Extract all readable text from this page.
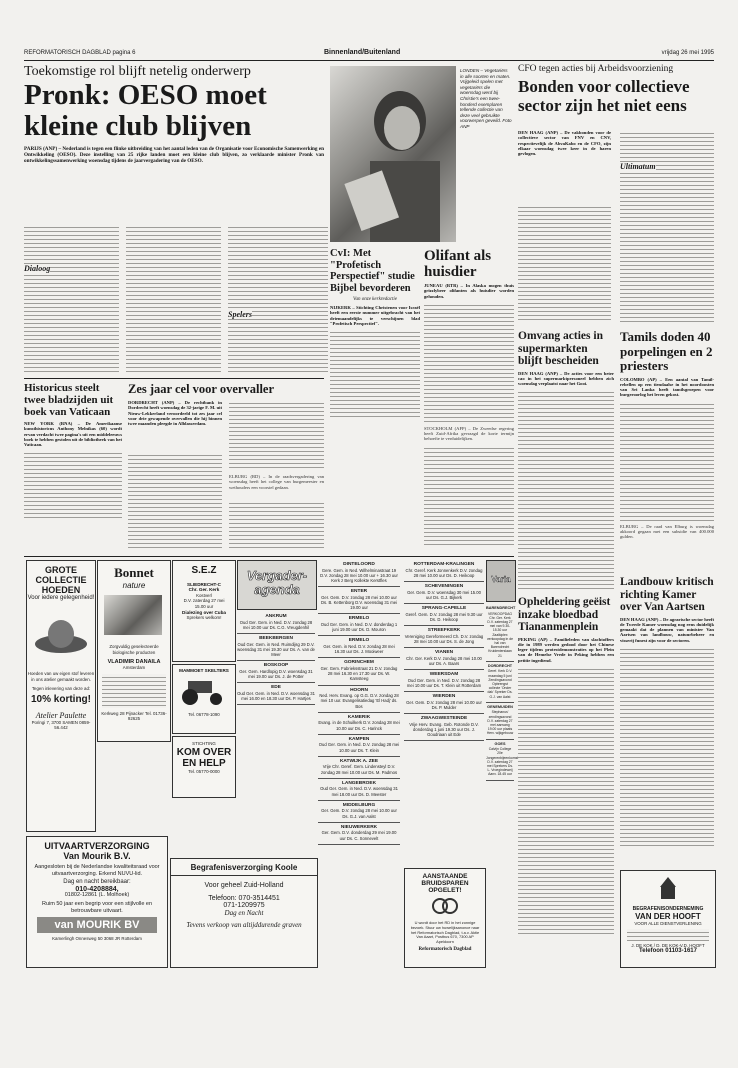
REFORMATORISCH DAGBLAD pagina 6	Binnenland/Buitenland	vrijdag 26 mei 1995
Toekomstige rol blijft netelig onderwerp
Pronk: OESO moet kleine club blijven
PARIJS (ANP) – Nederland is tegen een flinke uitbreiding van het aantal leden van de Organisatie voor Economische Samenwerking en Ontwikkeling (OESO). Deze instelling van 25 rijke landen moet een kleine club blijven, zo verklaarde minister Pronk van ontwikkelingssamenwerking woensdag tijdens de jaarvergadering van de OESO.
Dialoog
Spelers
LONDEN – Vegetariërs in alle soorten en maten. Vrijgeleid spelen met vegetariërs die woensdag werd bij Christie's een twee-honderd exemplaren tellende collectie van deze veel gebruikte voorwerpen geveild. Foto ANP
CFO tegen acties bij Arbeidsvoorziening
Bonden voor collectieve sector zijn het niet eens
DEN HAAG (ANP) – De vakbonden voor de collectieve sector van FNV en CNV, respectievelijk de AbvaKabo en de CFO, zijn elkaar woensdag twee keer in de haren gevlogen.
Ultimatum
CvI: Met "Profetisch Perspectief" studie Bijbel bevorderen
Van onze kerkredactie
NIJKERK – Stichting Christenen voor Israël heeft een eerste nummer uitgebracht van het driemaandelijks te verschijnen blad "Profetisch Perspectief".
Olifant als huisdier
JUNEAU (RTR) – In Alaska mogen thuis grizzlybeer olifanten als huisdier worden gehouden.
STOCKHOLM (AFP) – De Zweedse regering heeft Zuid-Afrika gevraagd de korte termijn behoefte te verduidelijken.
Historicus steelt twee bladzijden uit boek van Vaticaan
NEW YORK (RNA) – De Amerikaanse kunsthistoricus Anthony Melnikas (60) wordt ervan verdacht twee pagina's uit een middeleeuws boek te hebben gestolen uit de bibliotheek van het Vaticaan.
Zes jaar cel voor overvaller
DORDRECHT (ANP) – De rechtbank in Dordrecht heeft woensdag de 32-jarige F. M. uit Nieuw-Lekkerland veroordeeld tot zes jaar cel voor drie gewapende overvallen die hij binnen twee maanden pleegde in Alblasserdam.
ELBURG (RD) – In de raadsvergadering van woensdag heeft het college van burgemeester en wethouders een voorstel gedaan.
Omvang acties in supermarkten blijft bescheiden
DEN HAAG (ANP) – De acties voor een beter cao in het supermarktpersoneel hebben zich woensdag verplaatst naar het Gooi.
Tamils doden 40 porpelingen en 2 priesters
COLOMBO (AP) – Een aantal van Tamil-rebellen op een tiendaalse in het noordoosten van Sri Lanka heeft tamilsgroepen voor burgeroorlog het leven gekost.
ELBURG – De raad van Elburg is woensdag akkoord gegaan met een subsidie van 400.000 gulden.
Opheldering geëist inzake bloedbad Tiananmenplein
PEKING (AP) – Familieleden van slachtoffers die in 1989 werden gedood door het Chinese leger tijdens protestdemonstraties op het Plein van de Hemelse Vrede in Peking hebben een petitie ingediend.
Landbouw kritisch richting Kamer over Van Aartsen
DEN HAAG (ANP) – De agrarische sector heeft de Tweede Kamer woensdag nog eens duidelijk gemaakt dat de plannen van minister Van Aartsen van landbouw, natuurbeheer en visserij funest zijn voor de sectoren.
GROTE
COLLECTIE
HOEDEN
Voor iedere gelegenheid!
Hoeden van uw eigen stof leveren in ons atelier gemaakt worden.
Tegen inlevering van deze ad:
10% korting!
Atelier Paulette
Poringi 7, 3700 SAMEN 0859-56.442
Bonnet
nature
Zorgvuldig geselecteerde biologische producten
VLADIMIR DANAILA
Amsterdam
Kerkweg 28 Pijnacker Tel. 01736-92625
S.E.Z
SLIEDRECHT-C
Chr. Ger. Kerk
Kostverl
D.V. zaterdag 27 mei
15.00 uur
Dialezing over Cuba
Sprekers welkom!
Vergader-agenda
ANKRUM
Oud Ger. Gem. in Ned. D.V. zondag 28 mei 10.00 uur Ds. C.G. Vreugdenhil
BEEKBERGEN
Oud Ger. Gem. in Ned. Ruimdijsg 29 D.V. woensdag 31 mei 19.30 uur Ds. A. van de Meer
BOSKOOP
Ger. Gem. Hardlopig D.V. woensdag 31 mei 19.00 uur Ds. J. de Potter
EDE
Oud Ger. Gem. in Ned. D.V. woensdag 31 mei 16.00 en 18.30 uur Ds. P. Hartjes
DINTELOORD
Gere. Gem. in Ned. Wilhelminastraat 19 D.V. zondag 28 mei 10.00 uur + 16.30 uur Kerk z Berg Kollekte Kerstfles
ENTER
Ger. Gem. D.V. zondag 28 mei 10.00 uur Ds. B. Kettenborg D.V. woensdag 31 mei 19.00 uur
ERMELO
Oud Ger. Gem. in Ned. D.V. donderdag 1 juni 19.00 uur Ds. D. Mouron
ERMELO
Ger. Gem. in Ned. D.V. zondag 28 mei 16.30 uur Ds. J. Mooiweer
GORINCHEM
Ger. Gem. Fabrieksstraat 21 D.V. zondag 28 mei 16.30 en 17.30 uur Ds. W. Kamsteeg
HOORN
Ned. Herv. Evang. op G.G. D.V. zondag 28 mei 10 uur. Evangelisatiedag 'El Hadj' ds. Bos
KAMERIK
Evang. in de Schuilkerk D.V. zondag 28 mei 10.00 uur Ds. C. Harinck
KAMPEN
Oud Ger. Gem. in Ned. D.V. zondag 28 mei 10.00 uur Ds. T. Klein
KATWIJK A. ZEE
Vrije Chr. Geref. Gem. Lindensteyl D.V. zondag 28 mei 10.00 uur Ds. M. Padmos
LANGEBROEK
Oud Ger. Gem. in Ned. D.V. woensdag 31 mei 18.00 uur Ds. D. Meester
MIDDELBURG
Ger. Gem. D.V. zondag 28 mei 10.00 uur Ds. G.J. van Aalst
NIEUWERKERK
Ger. Gem. D.V. donderdag 29 mei 19.00 uur Ds. C. Sonnevelt
ROTTERDAM-KRALINGEN
Chr. Geref. Kerk Jonnenkerk D.V. zondag 28 mei 10.00 uur Ds. D. Heikoop
SCHEVENINGEN
Ger. Gem. D.V. woensdag 30 mei 15.00 uur Ds. G.J. Bijkerk
SPRANG-CAPELLE
Geref. Gem. D.V. zondag 28 mei 9.30 uur Ds. D. Heikoop
STREEFKERK
Vereniging Gereformeerd Ch. D.V. zondag 28 mei 10.00 uur Ds. S. de Jong
VIANEN
Chr. Ger. Kerk D.V. zondag 28 mei 10.00 uur Ds. A. Baars
WEERSDAM
Oud Ger. Gem. in Ned. D.V. zondag 28 mei 10.00 uur Ds. T. Klein uit Rotterdam
WIERDEN
Ger. Gem. D.V. zondag 28 mei 10.00 uur Ds. P. Mulder
ZWAAGWESTEINDE
Vrije Herv. Evang. Geb. Rotonde D.V. donderdag 1 juni 19.30 uur Ds. J. Goudriaan uit Ede
Varia
BARENDRECHT
VERKOOPDAG Chr. Ger. Kerk D.V. zaterdag 27 mei van 9.30-15.30 uur Zaalkiplex verkoopdag in de hal van Barendrecht Kruidenierslaan 21
DORDRECHT
Geref. Kerk D.V. maandag 5 juni Zendingsavond Opbrengst collecte 'Onder dak' Spreker Ds. G.J. van Aalst
GENEMUIDEN
Stephanus' zendingsavond D.V. zaterdag 27 mei aanvang 19.00 uur plaats Herv. wijkgebouw
GOES
Calvijn College 20e Jongerenbijeenkomst D.V. zaterdag 27 mei Sprekers Ds. L. Vroegindeweij Aanv. 18.45 uur
MAMMOET SKELTERS
Tel. 06778-1090
STICHTING
KOM OVER
EN HELP
Tel. 05770-0000
UITVAARTVERZORGING
Van Mourik B.V.
Aangesloten bij de Nederlandse kwaliteitsraad voor uitvaartverzorging. Erkend NUVU-lid.
Dag en nacht bereikbaar:
010-4208884,
01802-12861 (L. Molhoek)
Ruim 50 jaar een begrip voor een stijlvolle en betrouwbare uitvaart.
van MOURIK BV
Kamerlingh Onnesweg 50 3068 JR Rotterdam
Begrafenisverzorging Koole
Voor geheel Zuid-Holland
Telefoon: 070-3514451
071-1209975
Dag en Nacht
Tevens verkoop van altijddurende graven
AANSTAANDE
BRUIDSPAREN
OPGELET!
U wordt door het RD in het zonnige bezoek. Stuur uw huwelijksanonce naar het Reformatorisch Dagblad, t.a.v. Aktie Van Aaart, Postbus 670, 7300 AP Apeldoorn
Reformatorisch Dagblad
BEGRAFENISONDERNEMING
VAN DER HOOFT
VOOR ALLE DIENSTVERLENING
J. DE KOK / D. DE KOK-V.D. HOOFT
Telefoon 01103-1617
